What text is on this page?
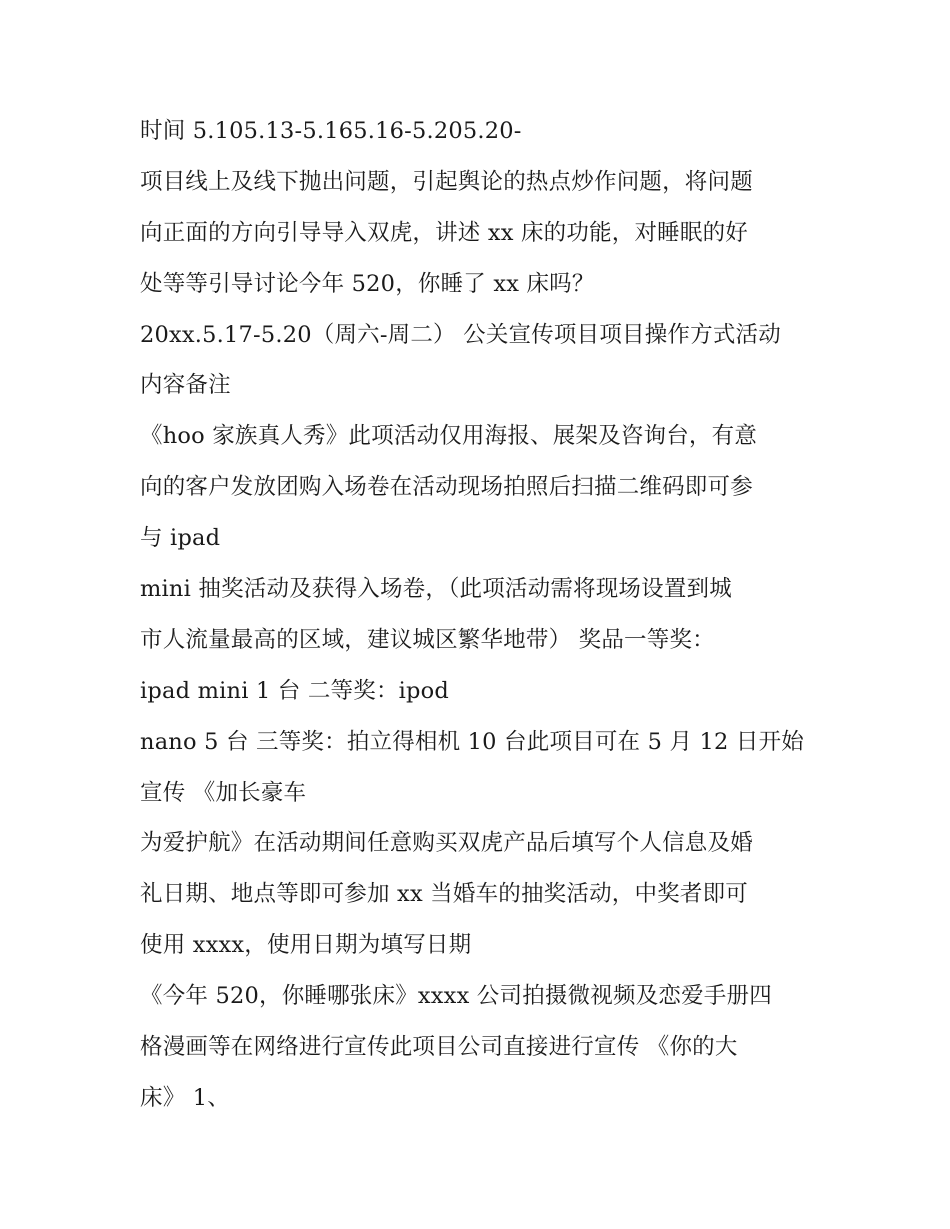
时间 5.105.13-5.165.16-5.205.20-
项目线上及线下抛出问题，引起舆论的热点炒作问题，将问题
向正面的方向引导导入双虎，讲述 xx 床的功能，对睡眠的好
处等等引导讨论今年 520，你睡了 xx 床吗？
20xx.5.17-5.20（周六-周二） 公关宣传项目项目操作方式活动
内容备注
《hoo 家族真人秀》此项活动仅用海报、展架及咨询台，有意
向的客户发放团购入场卷在活动现场拍照后扫描二维码即可参
与 ipad
mini 抽奖活动及获得入场卷，（此项活动需将现场设置到城
市人流量最高的区域，建议城区繁华地带） 奖品一等奖：
ipad mini 1 台 二等奖：ipod
nano 5 台 三等奖：拍立得相机 10 台此项目可在 5 月 12 日开始
宣传 《加长豪车
为爱护航》在活动期间任意购买双虎产品后填写个人信息及婚
礼日期、地点等即可参加 xx 当婚车的抽奖活动，中奖者即可
使用 xxxx，使用日期为填写日期
《今年 520，你睡哪张床》xxxx 公司拍摄微视频及恋爱手册四
格漫画等在网络进行宣传此项目公司直接进行宣传 《你的大
床》 1、
